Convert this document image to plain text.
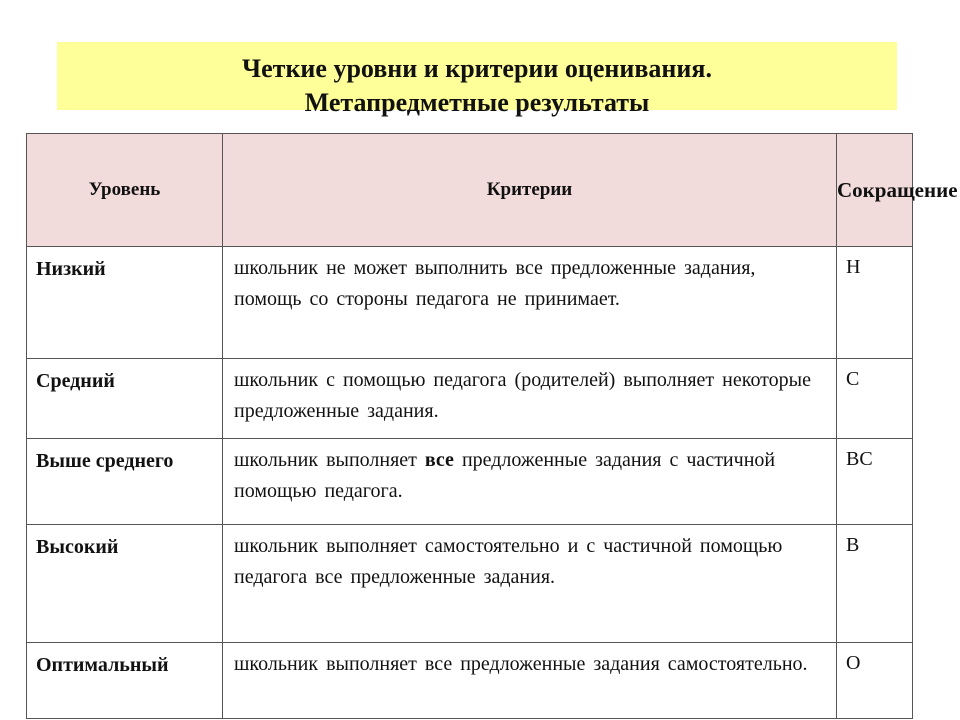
Четкие уровни и критерии оценивания.
Метапредметные результаты
Уровень	Критерии	Сокращение
Низкий	школьник не может выполнить все предложенные задания, помощь со стороны педагога не принимает.	Н
Средний	школьник с помощью педагога (родителей) выполняет некоторые предложенные задания.	С
Выше среднего	школьник выполняет все предложенные задания с частичной помощью педагога.	ВС
Высокий	школьник выполняет самостоятельно и с частичной помощью педагога все предложенные задания.	В
Оптимальный	школьник выполняет все предложенные задания самостоятельно.	О
